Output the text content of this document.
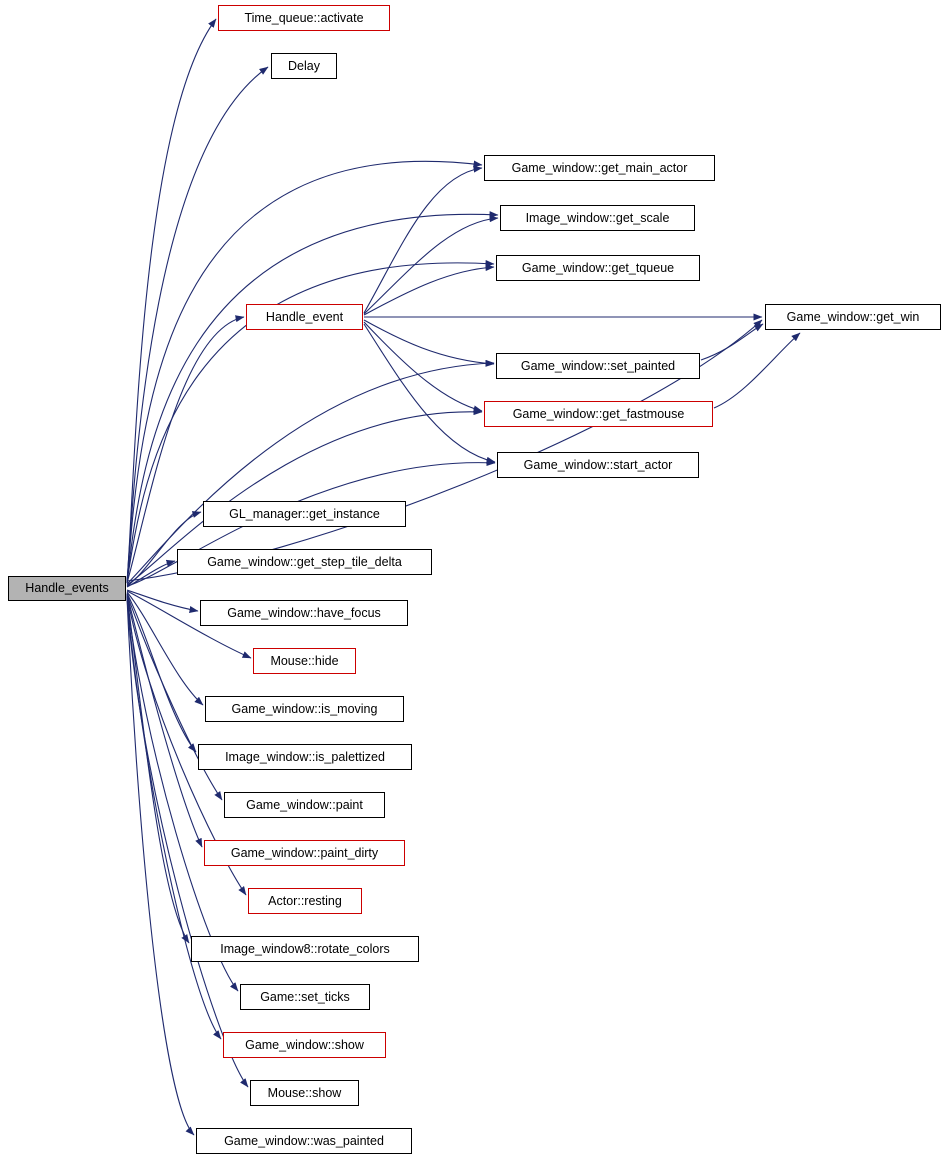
Handle_events
Time_queue::activate
Delay
Game_window::get_main_actor
Image_window::get_scale
Game_window::get_tqueue
Handle_event	Game_window::get_win
Game_window::set_painted
Game_window::get_fastmouse
Game_window::start_actor
GL_manager::get_instance
Game_window::get_step_tile_delta
Game_window::have_focus
Mouse::hide
Game_window::is_moving
Image_window::is_palettized
Game_window::paint
Game_window::paint_dirty
Actor::resting
Image_window8::rotate_colors
Game::set_ticks
Game_window::show
Mouse::show
Game_window::was_painted
